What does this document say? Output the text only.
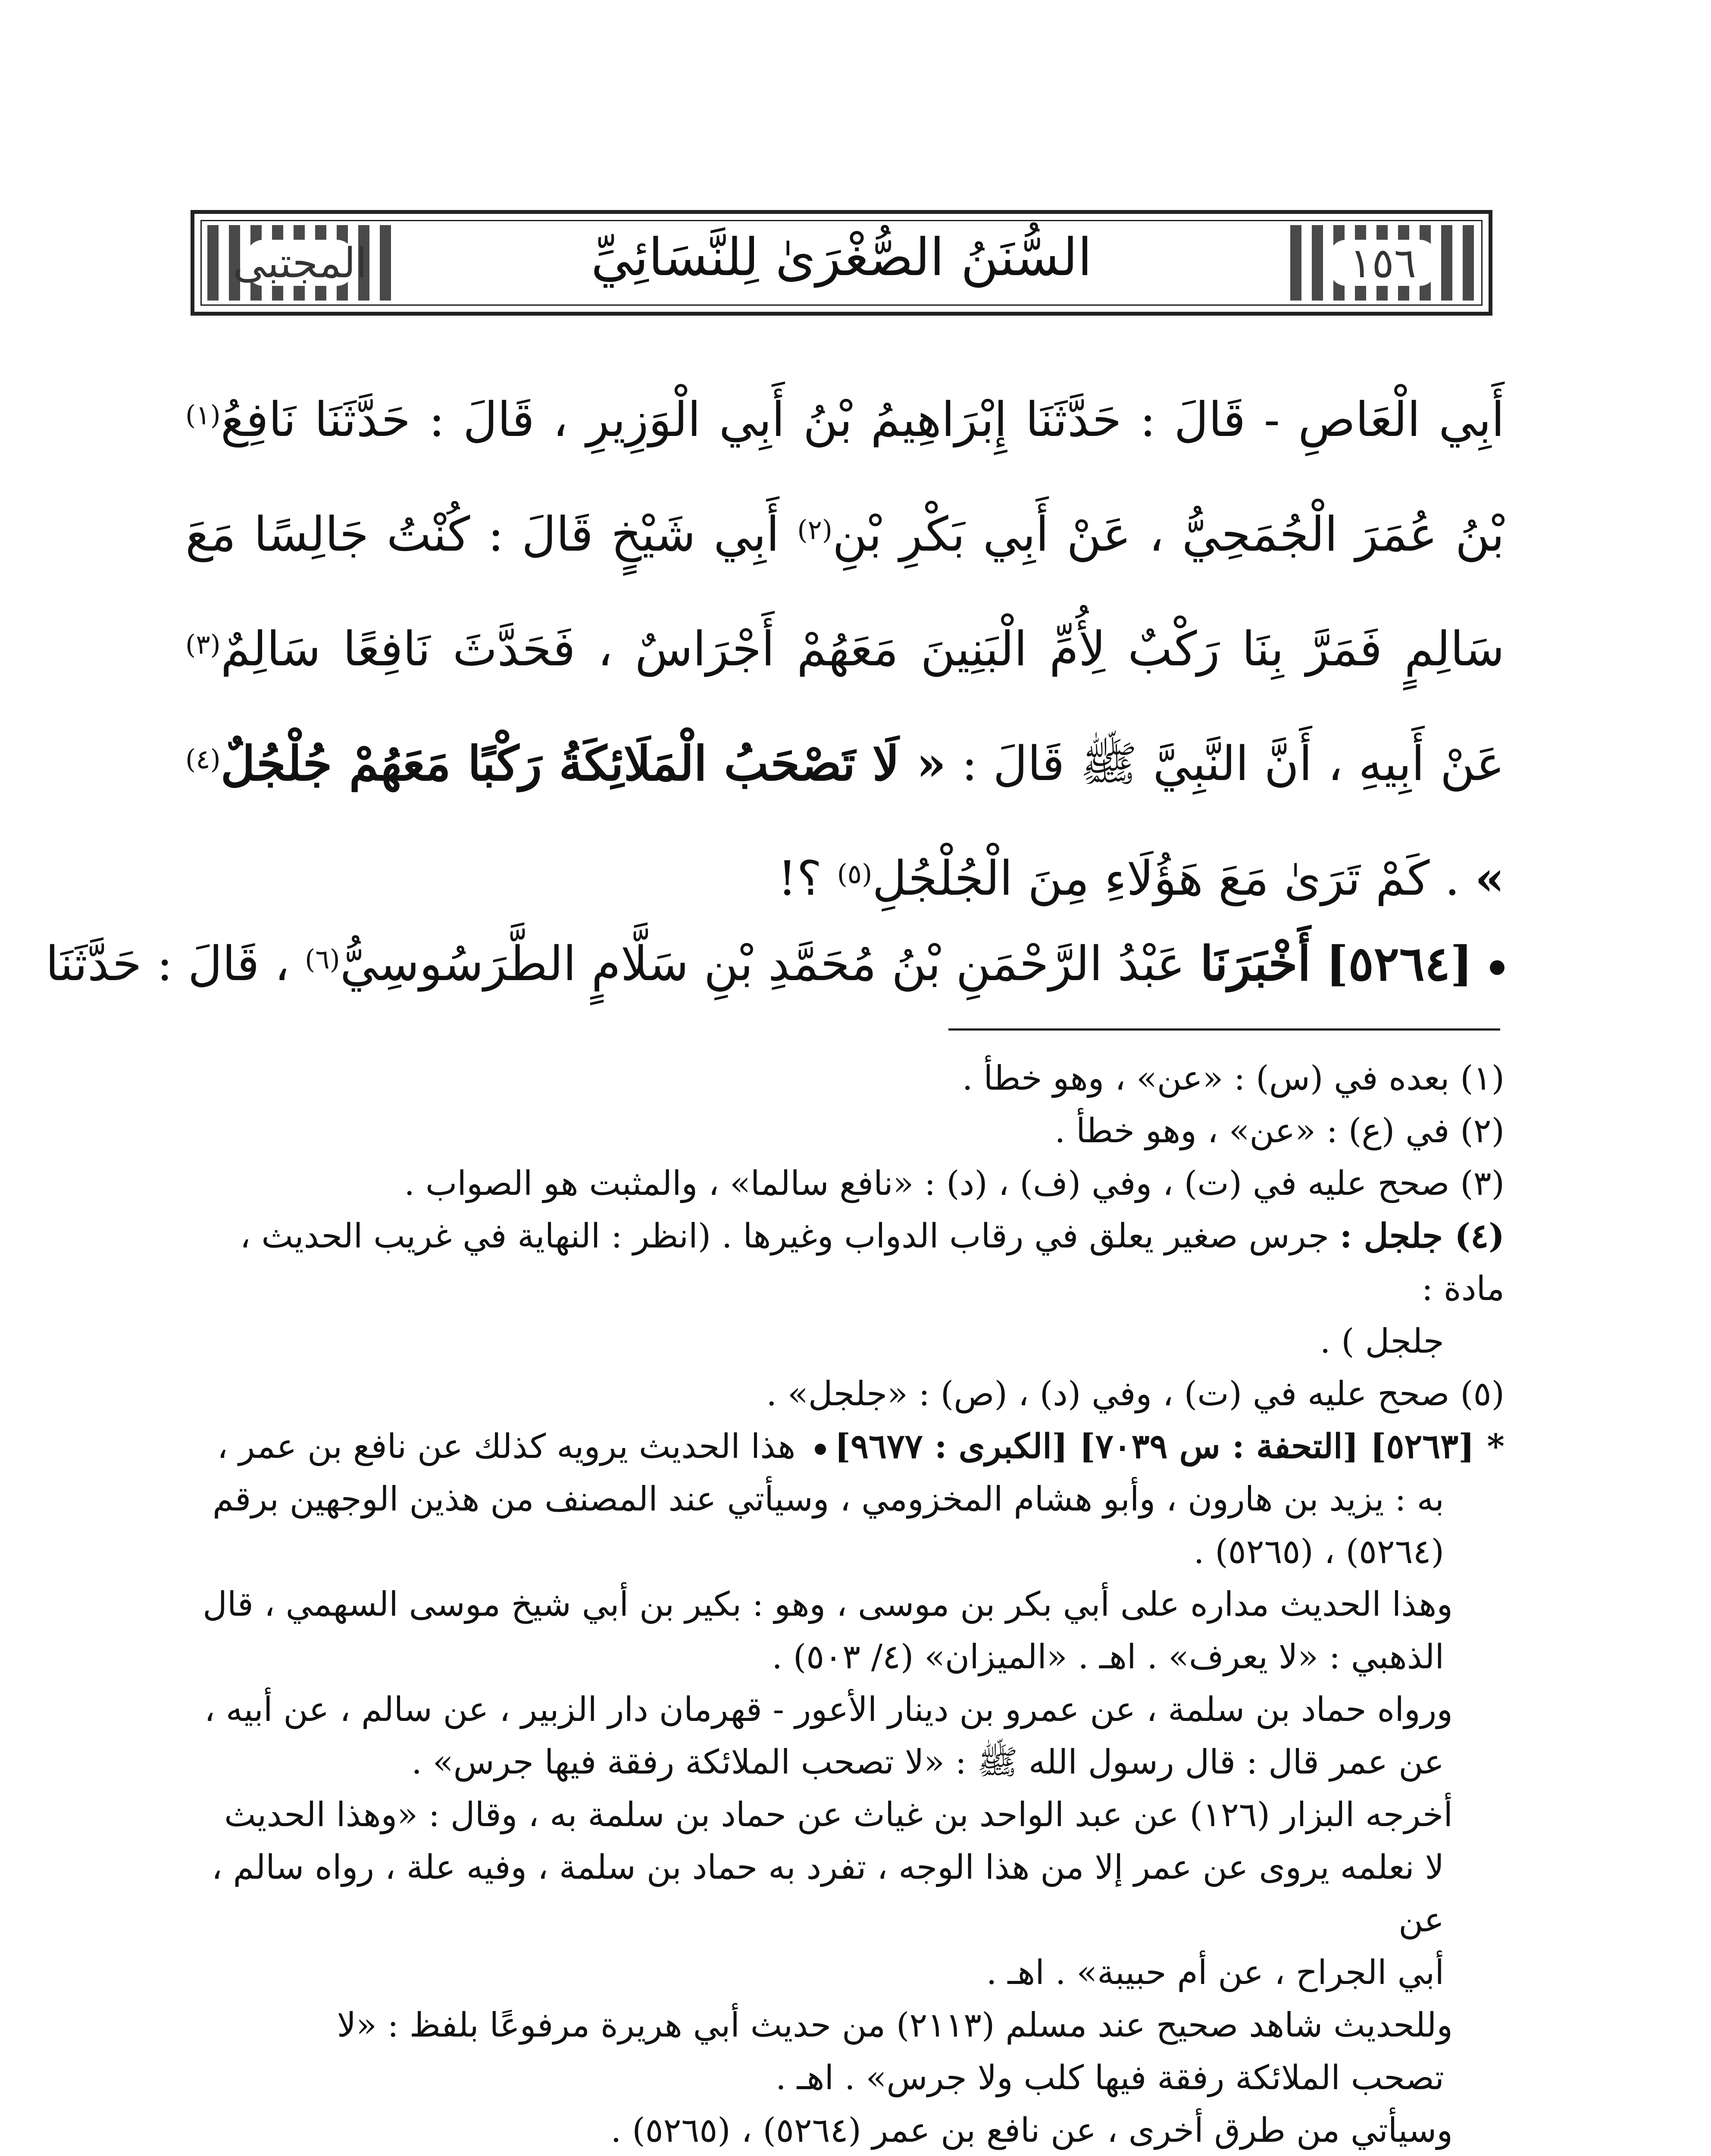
١٥٦
السُّنَنُ الصُّغْرَىٰ لِلنَّسَائِيِّ
المجتبى

أَبِي الْعَاصِ - قَالَ : حَدَّثَنَا إِبْرَاهِيمُ بْنُ أَبِي الْوَزِيرِ ، قَالَ : حَدَّثَنَا نَافِعُ$^{(١)}$ بْنُ عُمَرَ الْجُمَحِيُّ ، عَنْ أَبِي بَكْرِ بْنِ$^{(٢)}$ أَبِي شَيْخٍ قَالَ : كُنْتُ جَالِسًا مَعَ سَالِمٍ فَمَرَّ بِنَا رَكْبٌ لِأُمِّ الْبَنِينَ مَعَهُمْ أَجْرَاسٌ ، فَحَدَّثَ نَافِعًا سَالِمٌ$^{(٣)}$ عَنْ أَبِيهِ ، أَنَّ النَّبِيَّ ﷺ قَالَ : « لَا تَصْحَبُ الْمَلَائِكَةُ رَكْبًا مَعَهُمْ جُلْجُلٌ$^{(٤)}$ » . كَمْ تَرَىٰ مَعَ هَؤُلَاءِ مِنَ الْجُلْجُلِ$^{(٥)}$ ؟!

[٥٢٦٤] أَخْبَرَنَا عَبْدُ الرَّحْمَنِ بْنُ مُحَمَّدِ بْنِ سَلَّامٍ الطَّرَسُوسِيُّ$^{(٦)}$ ، قَالَ : حَدَّثَنَا

(١) بعده في (س) : «عن» ، وهو خطأ .

(٢) في (ع) : «عن» ، وهو خطأ .

(٣) صحح عليه في (ت) ، وفي (ف) ، (د) : «نافع سالما» ، والمثبت هو الصواب .

(٤) جلجل : جرس صغير يعلق في رقاب الدواب وغيرها . (انظر : النهاية في غريب الحديث ، مادة :

جلجل ) .

(٥) صحح عليه في (ت) ، وفي (د) ، (ص) : «جلجل» .

*[٥٢٦٣] [التحفة : س ٧٠٣٩] [الكبرى : ٩٦٧٧] هذا الحديث يرويه كذلك عن نافع بن عمر ،

به : يزيد بن هارون ، وأبو هشام المخزومي ، وسيأتي عند المصنف من هذين الوجهين برقم

(٥٢٦٤) ، (٥٢٦٥) .

وهذا الحديث مداره على أبي بكر بن موسى ، وهو : بكير بن أبي شيخ موسى السهمي ، قال

الذهبي : «لا يعرف» . اهـ . «الميزان» (٤/ ٥٠٣) .

ورواه حماد بن سلمة ، عن عمرو بن دينار الأعور - قهرمان دار الزبير ، عن سالم ، عن أبيه ،

عن عمر قال : قال رسول الله ﷺ : «لا تصحب الملائكة رفقة فيها جرس» .

أخرجه البزار (١٢٦) عن عبد الواحد بن غياث عن حماد بن سلمة به ، وقال : «وهذا الحديث

لا نعلمه يروى عن عمر إلا من هذا الوجه ، تفرد به حماد بن سلمة ، وفيه علة ، رواه سالم ، عن

أبي الجراح ، عن أم حبيبة» . اهـ .

وللحديث شاهد صحيح عند مسلم (٢١١٣) من حديث أبي هريرة مرفوعًا بلفظ : «لا

تصحب الملائكة رفقة فيها كلب ولا جرس» . اهـ .

وسيأتي من طرق أخرى ، عن نافع بن عمر (٥٢٦٤) ، (٥٢٦٥) .
